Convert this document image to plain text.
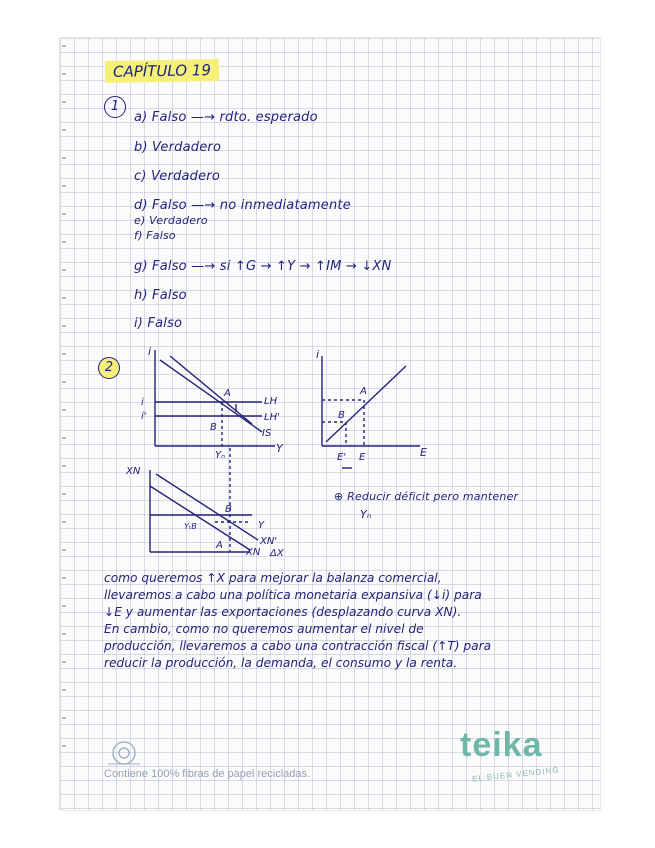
CAPÍTULO 19
1
a) Falso —→ rdto. esperado
b) Verdadero
c) Verdadero
d) Falso —→ no inmediatamente
e) Verdadero
f) Falso
g) Falso —→ si ↑G → ↑Y → ↑IM → ↓XN
h) Falso
i) Falso
2
i
Y
i
i'
A
B
LH
LH'
IS
Yₙ
i
E
A
B
E' E
XN
YₜB
B
A
Y
XN'
XN ΔX
⊕ Reducir déficit pero mantener
Yₙ
como queremos ↑X para mejorar la balanza comercial,
llevaremos a cabo una política monetaria expansiva (↓i) para
↓E y aumentar las exportaciones (desplazando curva XN).
En cambio, como no queremos aumentar el nivel de
producción, llevaremos a cabo una contracción fiscal (↑T) para
reducir la producción, la demanda, el consumo y la renta.
Contiene 100% fibras de papel recicladas.
teika
EL BUEN VENDING
